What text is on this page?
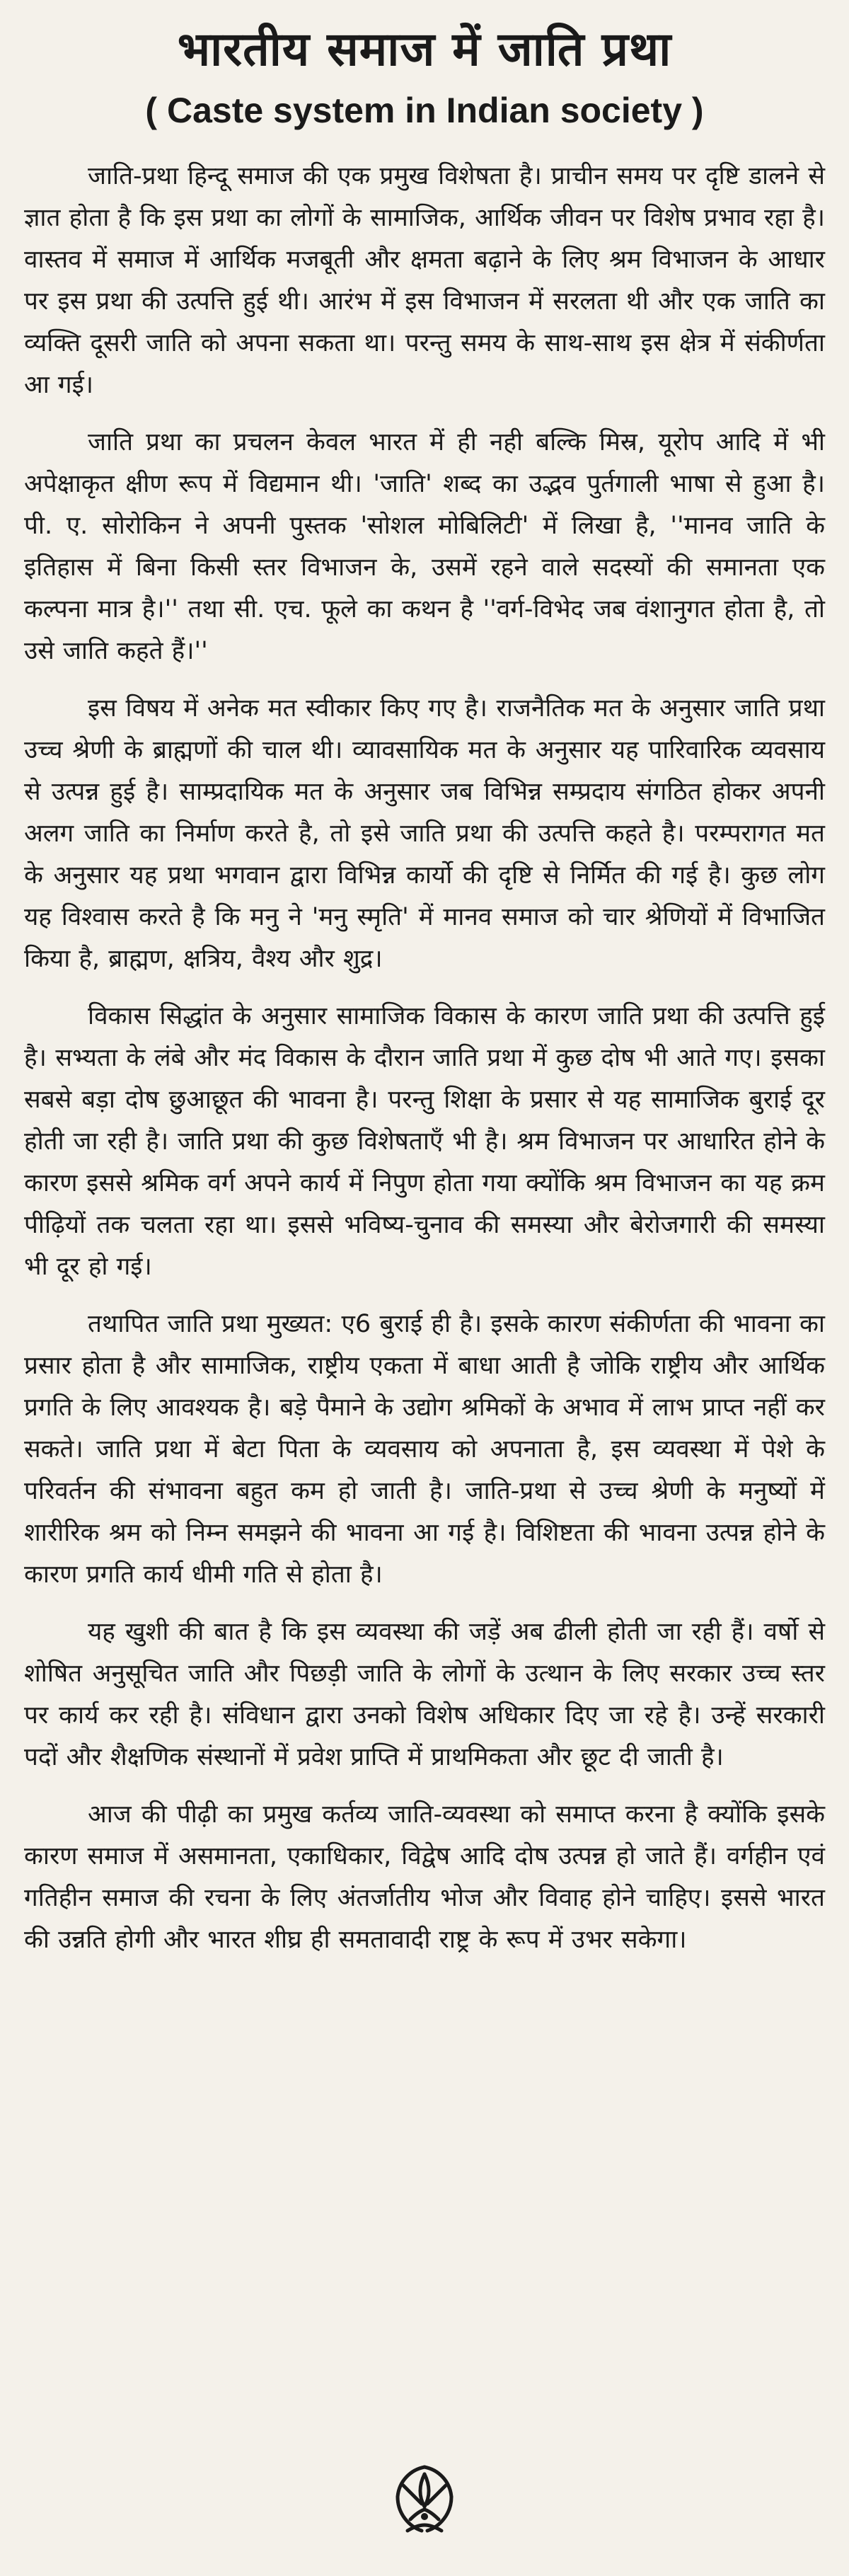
भारतीय समाज में जाति प्रथा
( Caste system in Indian society )

जाति-प्रथा हिन्दू समाज की एक प्रमुख विशेषता है। प्राचीन समय पर दृष्टि डालने से ज्ञात होता है कि इस प्रथा का लोगों के सामाजिक, आर्थिक जीवन पर विशेष प्रभाव रहा है। वास्तव में समाज में आर्थिक मजबूती और क्षमता बढ़ाने के लिए श्रम विभाजन के आधार पर इस प्रथा की उत्पत्ति हुई थी। आरंभ में इस विभाजन में सरलता थी और एक जाति का व्यक्ति दूसरी जाति को अपना सकता था। परन्तु समय के साथ-साथ इस क्षेत्र में संकीर्णता आ गई।

जाति प्रथा का प्रचलन केवल भारत में ही नही बल्कि मिस्र, यूरोप आदि में भी अपेक्षाकृत क्षीण रूप में विद्यमान थी। 'जाति' शब्द का उद्भव पुर्तगाली भाषा से हुआ है। पी. ए. सोरोकिन ने अपनी पुस्तक 'सोशल मोबिलिटी' में लिखा है, ''मानव जाति के इतिहास में बिना किसी स्तर विभाजन के, उसमें रहने वाले सदस्यों की समानता एक कल्पना मात्र है।'' तथा सी. एच. फूले का कथन है ''वर्ग-विभेद जब वंशानुगत होता है, तो उसे जाति कहते हैं।''

इस विषय में अनेक मत स्वीकार किए गए है। राजनैतिक मत के अनुसार जाति प्रथा उच्च श्रेणी के ब्राह्मणों की चाल थी। व्यावसायिक मत के अनुसार यह पारिवारिक व्यवसाय से उत्पन्न हुई है। साम्प्रदायिक मत के अनुसार जब विभिन्न सम्प्रदाय संगठित होकर अपनी अलग जाति का निर्माण करते है, तो इसे जाति प्रथा की उत्पत्ति कहते है। परम्परागत मत के अनुसार यह प्रथा भगवान द्वारा विभिन्न कार्यो की दृष्टि से निर्मित की गई है। कुछ लोग यह विश्वास करते है कि मनु ने 'मनु स्मृति' में मानव समाज को चार श्रेणियों में विभाजित किया है, ब्राह्मण, क्षत्रिय, वैश्य और शुद्र।

विकास सिद्धांत के अनुसार सामाजिक विकास के कारण जाति प्रथा की उत्पत्ति हुई है। सभ्यता के लंबे और मंद विकास के दौरान जाति प्रथा में कुछ दोष भी आते गए। इसका सबसे बड़ा दोष छुआछूत की भावना है। परन्तु शिक्षा के प्रसार से यह सामाजिक बुराई दूर होती जा रही है। जाति प्रथा की कुछ विशेषताएँ भी है। श्रम विभाजन पर आधारित होने के कारण इससे श्रमिक वर्ग अपने कार्य में निपुण होता गया क्योंकि श्रम विभाजन का यह क्रम पीढ़ियों तक चलता रहा था। इससे भविष्य-चुनाव की समस्या और बेरोजगारी की समस्या भी दूर हो गई।

तथापित जाति प्रथा मुख्यत: ए6 बुराई ही है। इसके कारण संकीर्णता की भावना का प्रसार होता है और सामाजिक, राष्ट्रीय एकता में बाधा आती है जोकि राष्ट्रीय और आर्थिक प्रगति के लिए आवश्यक है। बड़े पैमाने के उद्योग श्रमिकों के अभाव में लाभ प्राप्त नहीं कर सकते। जाति प्रथा में बेटा पिता के व्यवसाय को अपनाता है, इस व्यवस्था में पेशे के परिवर्तन की संभावना बहुत कम हो जाती है। जाति-प्रथा से उच्च श्रेणी के मनुष्यों में शारीरिक श्रम को निम्न समझने की भावना आ गई है। विशिष्टता की भावना उत्पन्न होने के कारण प्रगति कार्य धीमी गति से होता है।

यह खुशी की बात है कि इस व्यवस्था की जड़ें अब ढीली होती जा रही हैं। वर्षो से शोषित अनुसूचित जाति और पिछड़ी जाति के लोगों के उत्थान के लिए सरकार उच्च स्तर पर कार्य कर रही है। संविधान द्वारा उनको विशेष अधिकार दिए जा रहे है। उन्हें सरकारी पदों और शैक्षणिक संस्थानों में प्रवेश प्राप्ति में प्राथमिकता और छूट दी जाती है।

आज की पीढ़ी का प्रमुख कर्तव्य जाति-व्यवस्था को समाप्त करना है क्योंकि इसके कारण समाज में असमानता, एकाधिकार, विद्वेष आदि दोष उत्पन्न हो जाते हैं। वर्गहीन एवं गतिहीन समाज की रचना के लिए अंतर्जातीय भोज और विवाह होने चाहिए। इससे भारत की उन्नति होगी और भारत शीघ्र ही समतावादी राष्ट्र के रूप में उभर सकेगा।
